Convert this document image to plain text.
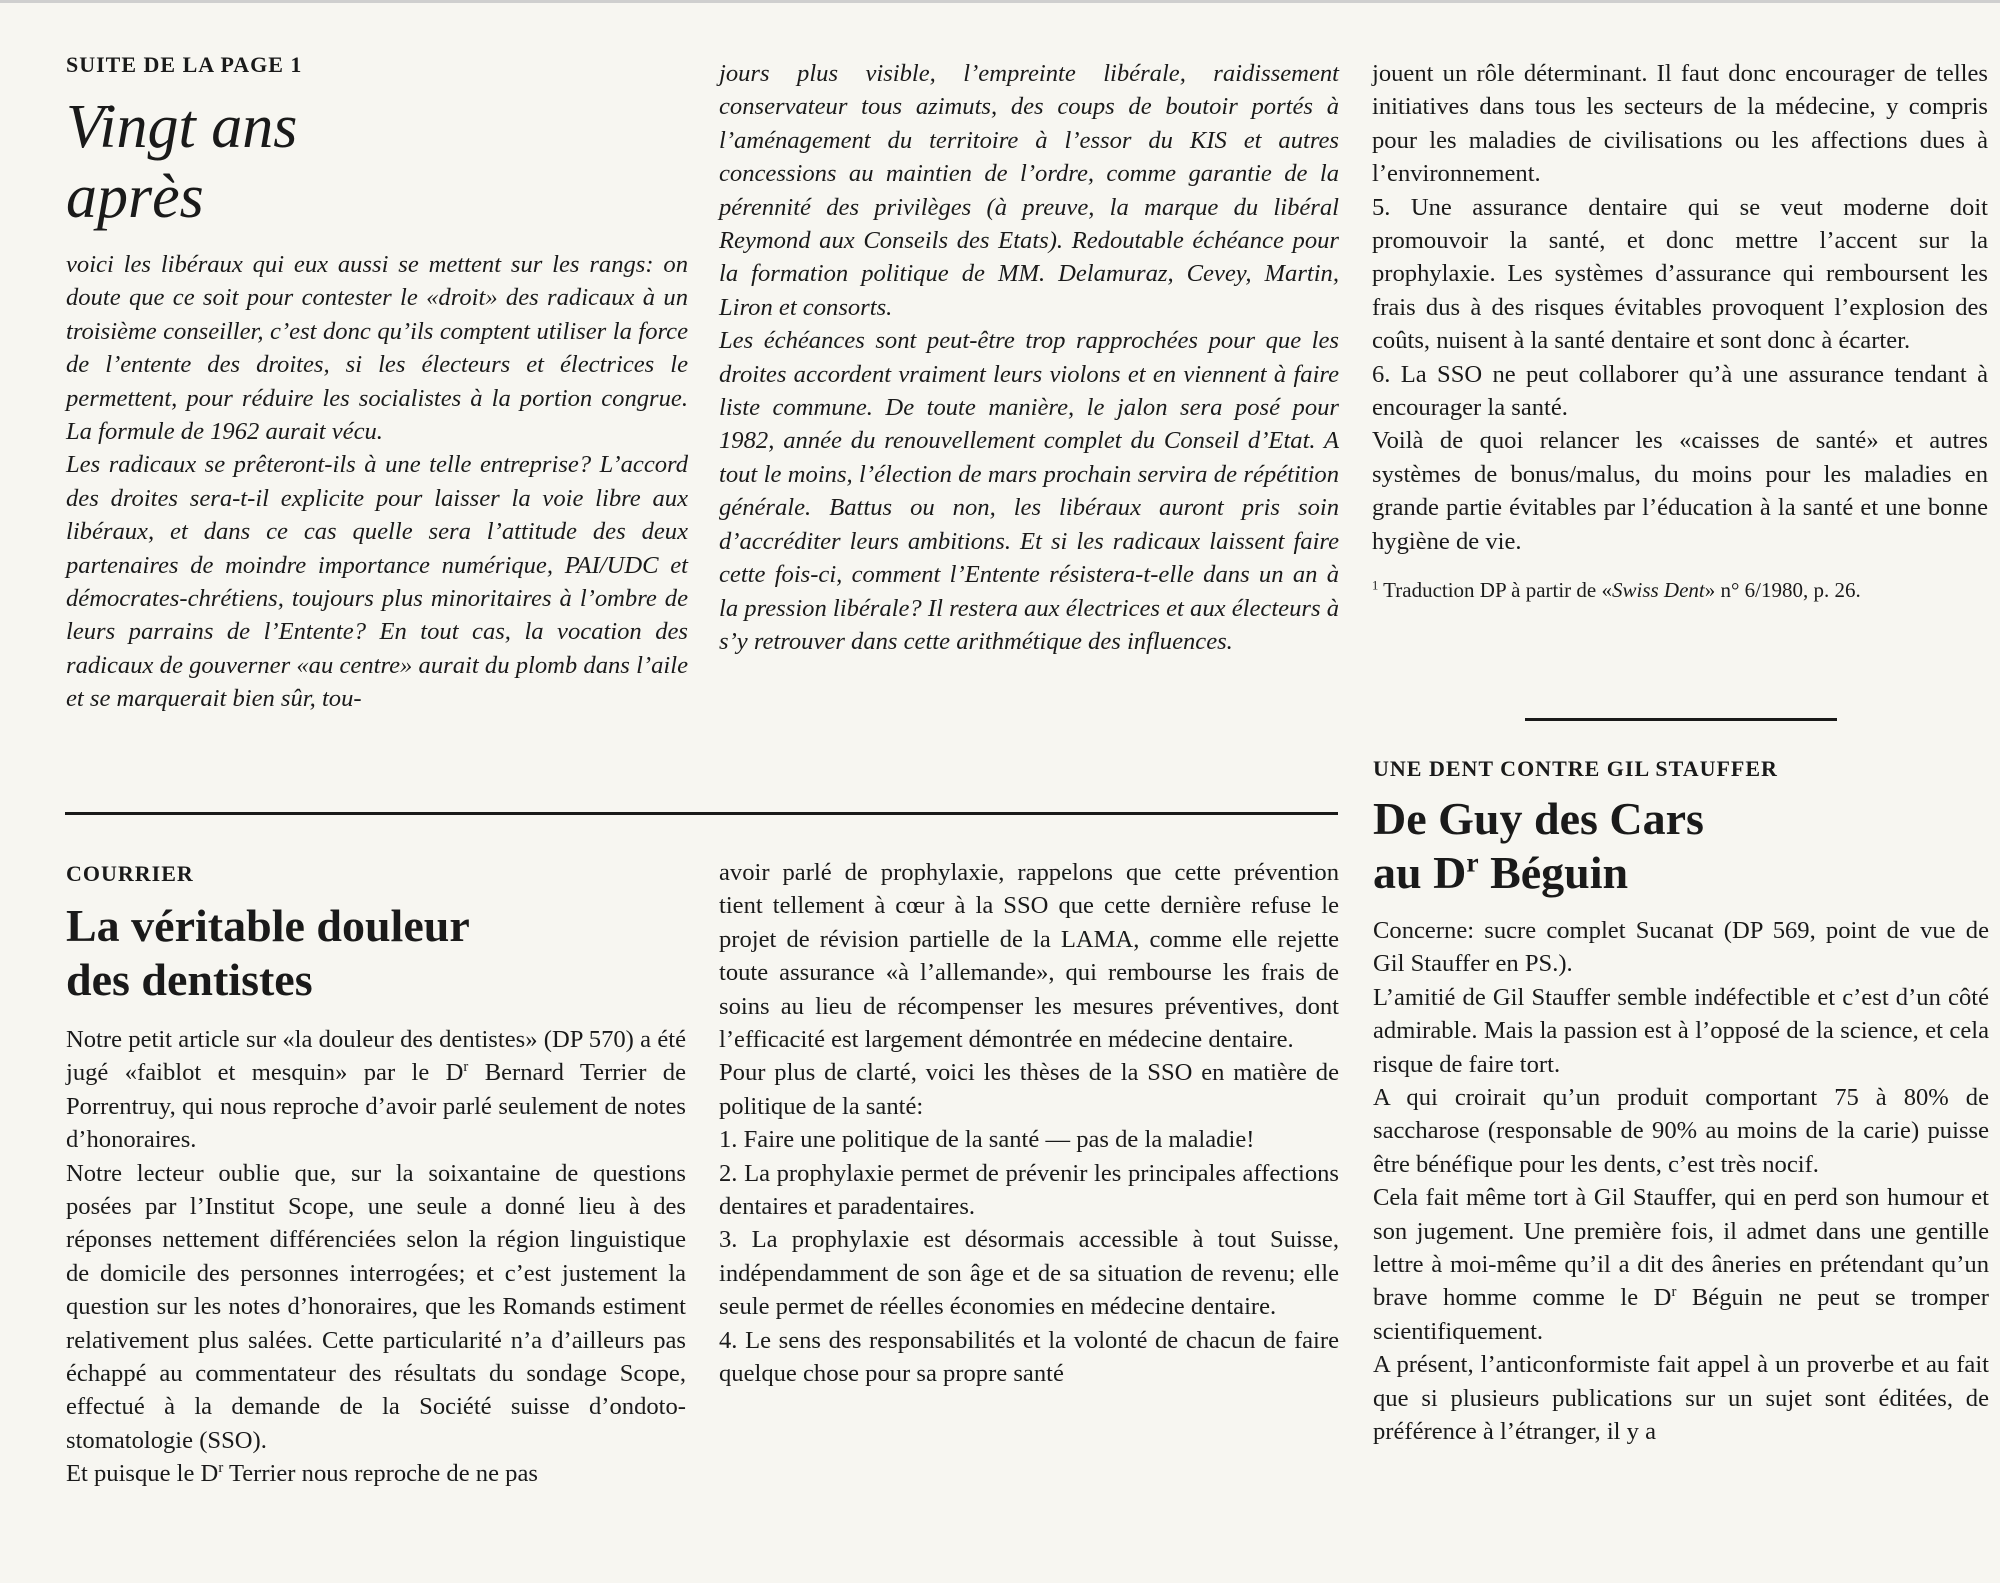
SUITE DE LA PAGE 1

Vingt ans
après

voici les libéraux qui eux aussi se mettent sur les rangs: on doute que ce soit pour contester le «droit» des radicaux à un troisième conseiller, c’est donc qu’ils comptent utiliser la force de l’entente des droites, si les électeurs et électrices le permettent, pour réduire les socialistes à la portion congrue. La formule de 1962 aurait vécu.

Les radicaux se prêteront-ils à une telle entreprise? L’accord des droites sera-t-il explicite pour laisser la voie libre aux libéraux, et dans ce cas quelle sera l’attitude des deux partenaires de moindre importance numérique, PAI/UDC et démocrates-chrétiens, toujours plus minoritaires à l’ombre de leurs parrains de l’Entente? En tout cas, la vocation des radicaux de gouverner «au centre» aurait du plomb dans l’aile et se marquerait bien sûr, tou-

jours plus visible, l’empreinte libérale, raidissement conservateur tous azimuts, des coups de boutoir portés à l’aménagement du territoire à l’essor du KIS et autres concessions au maintien de l’ordre, comme garantie de la pérennité des privilèges (à preuve, la marque du libéral Reymond aux Conseils des Etats). Redoutable échéance pour la formation politique de MM. Delamuraz, Cevey, Martin, Liron et consorts.

Les échéances sont peut-être trop rapprochées pour que les droites accordent vraiment leurs violons et en viennent à faire liste commune. De toute manière, le jalon sera posé pour 1982, année du renouvellement complet du Conseil d’Etat. A tout le moins, l’élection de mars prochain servira de répétition générale. Battus ou non, les libéraux auront pris soin d’accréditer leurs ambitions. Et si les radicaux laissent faire cette fois-ci, comment l’Entente résistera-t-elle dans un an à la pression libérale? Il restera aux électrices et aux électeurs à s’y retrouver dans cette arithmétique des influences.

jouent un rôle déterminant. Il faut donc encourager de telles initiatives dans tous les secteurs de la médecine, y compris pour les maladies de civilisations ou les affections dues à l’environnement.

5. Une assurance dentaire qui se veut moderne doit promouvoir la santé, et donc mettre l’accent sur la prophylaxie. Les systèmes d’assurance qui remboursent les frais dus à des risques évitables provoquent l’explosion des coûts, nuisent à la santé dentaire et sont donc à écarter.

6. La SSO ne peut collaborer qu’à une assurance tendant à encourager la santé.

Voilà de quoi relancer les «caisses de santé» et autres systèmes de bonus/malus, du moins pour les maladies en grande partie évitables par l’éducation à la santé et une bonne hygiène de vie.

$^1$ Traduction DP à partir de «Swiss Dent» n° 6/1980, p. 26.

COURRIER

La véritable douleur
des dentistes

Notre petit article sur «la douleur des dentistes» (DP 570) a été jugé «faiblot et mesquin» par le $D^r$ Bernard Terrier de Porrentruy, qui nous reproche d’avoir parlé seulement de notes d’honoraires.

Notre lecteur oublie que, sur la soixantaine de questions posées par l’Institut Scope, une seule a donné lieu à des réponses nettement différenciées selon la région linguistique de domicile des personnes interrogées; et c’est justement la question sur les notes d’honoraires, que les Romands estiment relativement plus salées. Cette particularité n’a d’ailleurs pas échappé au commentateur des résultats du sondage Scope, effectué à la demande de la Société suisse d’ondoto-stomatologie (SSO).

Et puisque le $D^r$ Terrier nous reproche de ne pas

avoir parlé de prophylaxie, rappelons que cette prévention tient tellement à cœur à la SSO que cette dernière refuse le projet de révision partielle de la LAMA, comme elle rejette toute assurance «à l’allemande», qui rembourse les frais de soins au lieu de récompenser les mesures préventives, dont l’efficacité est largement démontrée en médecine dentaire.

Pour plus de clarté, voici les thèses de la SSO en matière de politique de la santé:

1. Faire une politique de la santé — pas de la maladie!

2. La prophylaxie permet de prévenir les principales affections dentaires et paradentaires.

3. La prophylaxie est désormais accessible à tout Suisse, indépendamment de son âge et de sa situation de revenu; elle seule permet de réelles économies en médecine dentaire.

4. Le sens des responsabilités et la volonté de chacun de faire quelque chose pour sa propre santé

UNE DENT CONTRE GIL STAUFFER

De Guy des Cars
au $D^r$ Béguin

Concerne: sucre complet Sucanat (DP 569, point de vue de Gil Stauffer en PS.).

L’amitié de Gil Stauffer semble indéfectible et c’est d’un côté admirable. Mais la passion est à l’opposé de la science, et cela risque de faire tort.

A qui croirait qu’un produit comportant 75 à 80% de saccharose (responsable de 90% au moins de la carie) puisse être bénéfique pour les dents, c’est très nocif.

Cela fait même tort à Gil Stauffer, qui en perd son humour et son jugement. Une première fois, il admet dans une gentille lettre à moi-même qu’il a dit des âneries en prétendant qu’un brave homme comme le $D^r$ Béguin ne peut se tromper scientifiquement.

A présent, l’anticonformiste fait appel à un proverbe et au fait que si plusieurs publications sur un sujet sont éditées, de préférence à l’étranger, il y a
